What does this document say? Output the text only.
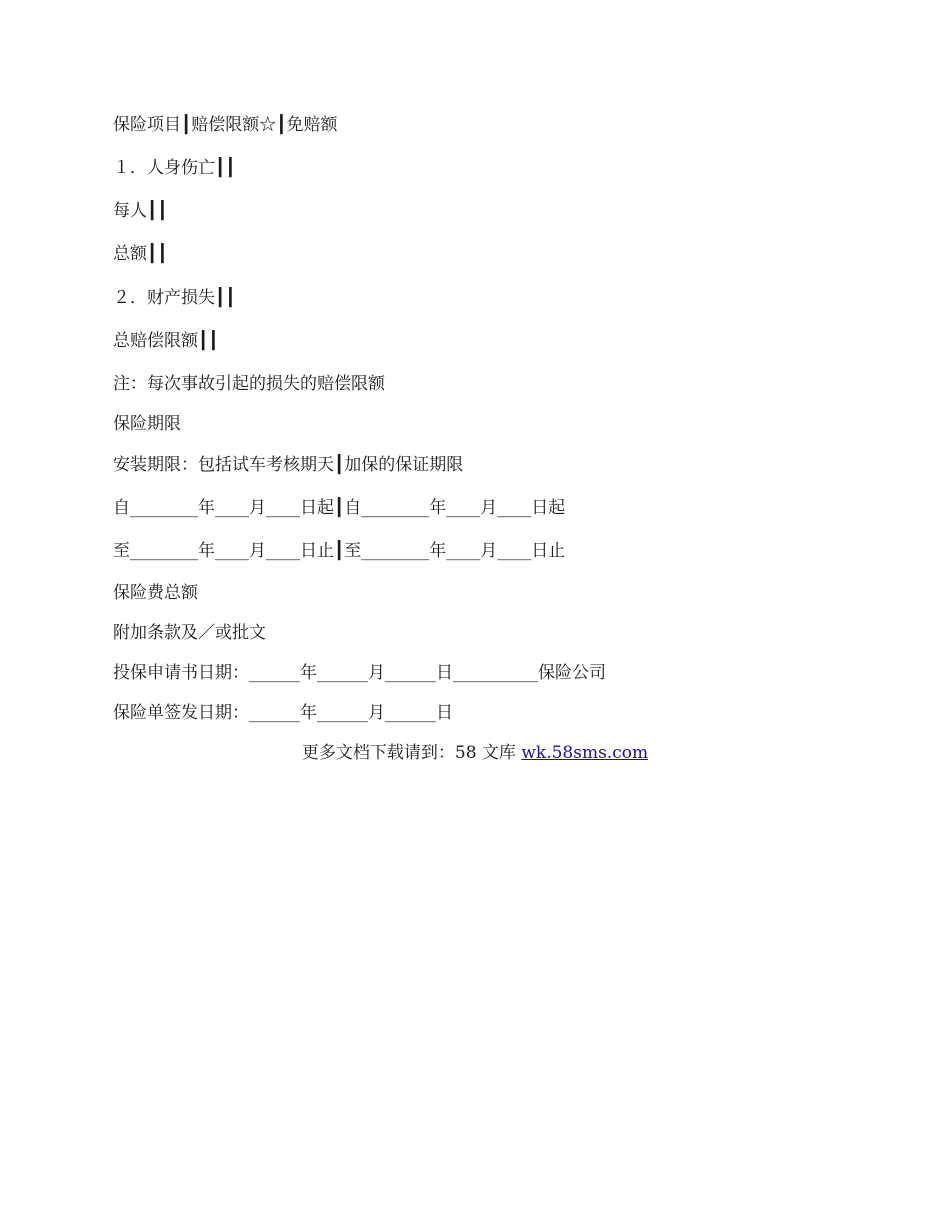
保险项目┃赔偿限额☆┃免赔额
１．人身伤亡┃┃
每人┃┃
总额┃┃
２．财产损失┃┃
总赔偿限额┃┃
注：每次事故引起的损失的赔偿限额
保险期限
安装期限：包括试车考核期天┃加保的保证期限
自________年____月____日起┃自________年____月____日起
至________年____月____日止┃至________年____月____日止
保险费总额
附加条款及／或批文
投保申请书日期：______年______月______日__________保险公司
保险单签发日期：______年______月______日
更多文档下载请到：58 文库 wk.58sms.com
